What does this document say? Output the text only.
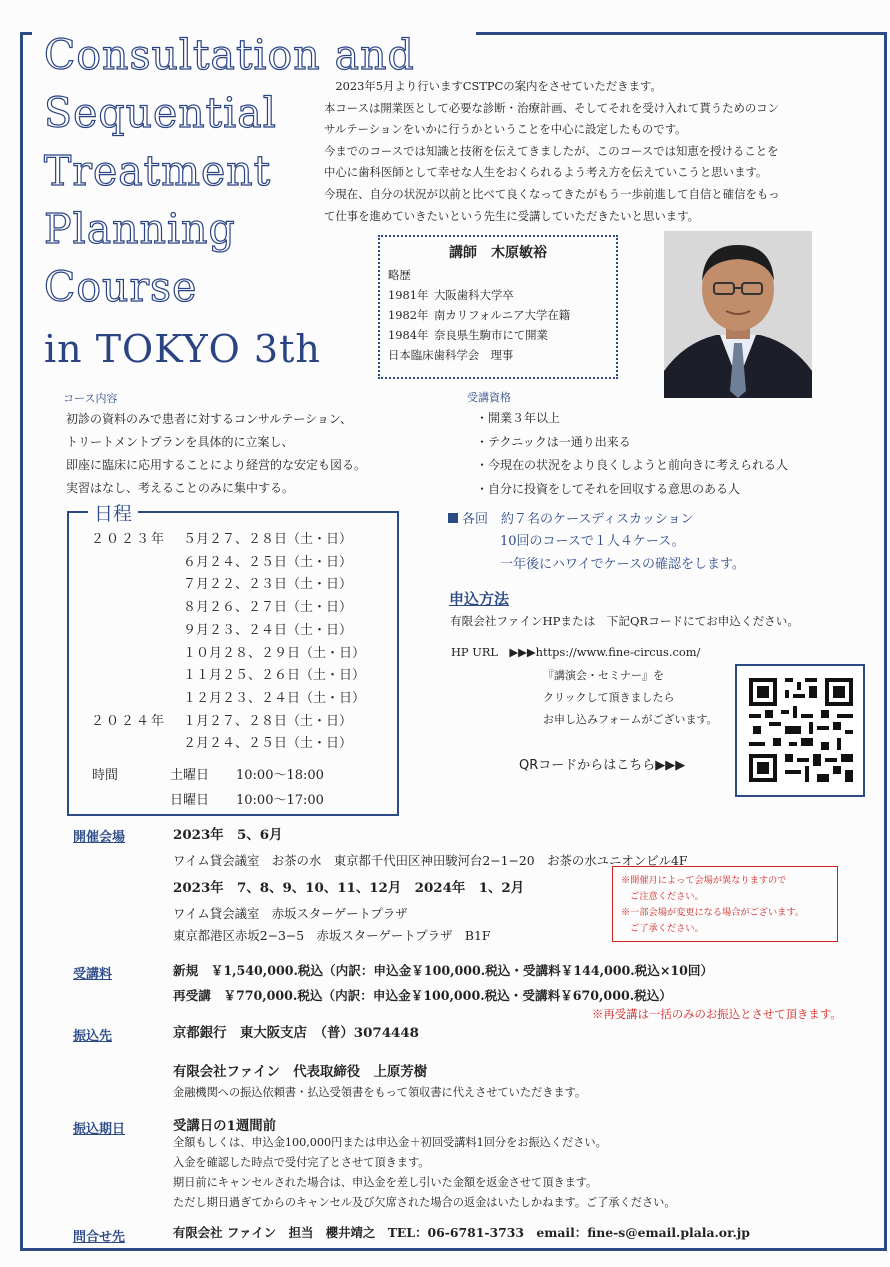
Consultation and
Sequential
Treatment
Planning
Course
in TOKYO 3th

　2023年5月より行いますCSTPCの案内をさせていただきます。

本コースは開業医として必要な診断・治療計画、そしてそれを受け入れて貰うためのコン

サルテーションをいかに行うかということを中心に設定したものです。

今までのコースでは知識と技術を伝えてきましたが、このコースでは知恵を授けることを

中心に歯科医師として幸せな人生をおくられるよう考え方を伝えていこうと思います。

今現在、自分の状況が以前と比べて良くなってきたがもう一歩前進して自信と確信をもっ

て仕事を進めていきたいという先生に受講していただきたいと思います。

講師　木原敏裕
略歴
1981年 大阪歯科大学卒
1982年 南カリフォルニア大学在籍
1984年 奈良県生駒市にて開業
日本臨床歯科学会　理事
コース内容
初診の資料のみで患者に対するコンサルテーション、
トリートメントプランを具体的に立案し、
即座に臨床に応用することにより経営的な安定も図る。
実習はなし、考えることのみに集中する。
受講資格
・開業３年以上
・テクニックは一通り出来る
・今現在の状況をより良くしようと前向きに考えられる人
・自分に投資をしてそれを回収する意思のある人
日程
２０２３年 ５月２７、２８日（土・日）
６月２４、２５日（土・日）
７月２２、２３日（土・日）
８月２６、２７日（土・日）
９月２３、２４日（土・日）
１０月２８、２９日（土・日）
１１月２５、２６日（土・日）
１２月２３、２４日（土・日）
２０２４年 １月２７、２８日（土・日）
２月２４、２５日（土・日）
時間	土曜日 10:00～18:00
日曜日 10:00～17:00
各回　約７名のケースディスカッション
10回のコースで１人４ケース。
一年後にハワイでケースの確認をします。
申込方法
有限会社ファインHPまたは　下記QRコードにてお申込ください。
HP URL　▶▶▶https://www.fine-circus.com/
『講演会・セミナー』を
クリックして頂きましたら
お申し込みフォームがございます。
QRコードからはこちら▶▶▶
開催会場	2023年　5、6月
ワイム貸会議室　お茶の水　東京都千代田区神田駿河台2−1−20　お茶の水ユニオンビル4F
2023年　7、8、9、10、11、12月　2024年　1、2月
ワイム貸会議室　赤坂スターゲートプラザ
東京都港区赤坂2−3−5　赤坂スターゲートプラザ　B1F
※開催月によって会場が異なりますので
　ご注意ください。
※一部会場が変更になる場合がございます。
　ご了承ください。
受講料	新規　￥1,540,000.税込（内訳：申込金￥100,000.税込・受講料￥144,000.税込×10回）
再受講　￥770,000.税込（内訳：申込金￥100,000.税込・受講料￥670,000.税込）
※再受講は一括のみのお振込とさせて頂きます。
振込先	京都銀行　東大阪支店　（普）3074448
有限会社ファイン　代表取締役　上原芳樹
金融機関への振込依頼書・払込受領書をもって領収書に代えさせていただきます。
振込期日	受講日の1週間前
全額もしくは、申込金100,000円または申込金＋初回受講料1回分をお振込ください。
入金を確認した時点で受付完了とさせて頂きます。
期日前にキャンセルされた場合は、申込金を差し引いた金額を返金させて頂きます。
ただし期日過ぎてからのキャンセル及び欠席された場合の返金はいたしかねます。ご了承ください。
問合せ先	有限会社 ファイン　担当　櫻井靖之　TEL：06-6781-3733　email：fine-s@email.plala.or.jp
